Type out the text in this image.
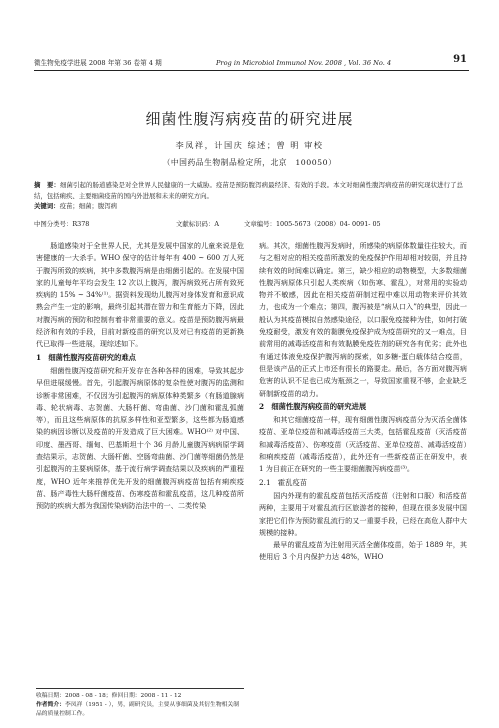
微生物免疫学进展 2008 年第 36 卷第 4 期	Prog in Microbiol Immunol Nov. 2008 , Vol. 36 No. 4	91
细菌性腹泻病疫苗的研究进展
李凤祥，计国庆 综述；曾 明 审校
（中国药品生物制品检定所，北京　100050）

摘　要：细菌引起的肠道感染是对全世界人民健康的一大威胁。疫苗是预防腹泻病最经济、有效的手段。本文对细菌性腹泻病疫苗的研究现状进行了总结，包括痢疾、主要细菌疫苗的国内外进展和未来的研究方向。

关键词：疫苗；细菌；腹泻病

中图分类号：R378	文献标识码：A	文章编号：1005-5673（2008）04- 0091- 05

肠道感染对于全世界人民，尤其是发展中国家的儿童来说是危害健康的一大杀手。WHO 保守的估计每年有 400 ~ 600 万人死于腹泻所致的疾病，其中多数腹泻病是由细菌引起的。在发展中国家的儿童每年平均会发生 12 次以上腹泻，腹泻病致死占所有致死疾病的 15% ~ 34%⁽¹⁾。据资料发现幼儿腹泻对身体发育和意识成熟会产生一定的影响，最终引起其潜在智力和生育能力下降，因此对腹泻病的预防和控制有着非常重要的意义。疫苗是预防腹泻病最经济和有效的手段，目前对新疫苗的研究以及对已有疫苗的更新换代已取得一些进展，现综述如下。

1　细菌性腹泻疫苗研究的难点

细菌性腹泻疫苗研究和开发存在各种各样的困难，导致其起步早但进展缓慢。首先，引起腹泻病原体的复杂性使对腹泻的监测和诊断非常困难，不仅因为引起腹泻的病原体种类繁多（有肠道腺病毒、轮状病毒、志贺菌、大肠杆菌、弯曲菌、沙门菌和霍乱弧菌等），而且这些病原体的抗原多样性和亚型繁多，这些都为肠道感染的病因诊断以及疫苗的开发造成了巨大困难。WHO⁽²⁾ 对中国、印度、墨西哥、缅甸、巴基斯坦十个 36 月龄儿童腹泻病病原学调查结果示，志贺菌、大肠杆菌、空肠弯曲菌、沙门菌等细菌仍然是引起腹泻的主要病原体，基于流行病学调查结果以及疾病的严重程度，WHO 近年来推荐优先开发的细菌腹泻病疫苗包括有痢疾疫苗、肠产毒性大肠杆菌疫苗、伤寒疫苗和霍乱疫苗，这几种疫苗所预防的疾病大都为我国传染病防治法中的一、二类传染

病。其次，细菌性腹泻发病时，所感染的病原体数量往往较大，而与之相对应的相关疫苗所激发的免疫保护作用却相对较弱，并且持续有效的时间难以确定。第三，缺少相应的动物模型，大多数细菌性腹泻病原体只引起人类疾病（如伤寒、霍乱），对常用的实验动物并不敏感，因此在相关疫苗研制过程中难以用动物来评价其效力，也成为一个难点；第四，腹泻被是“病从口入”的典型，因此一般认为其疫苗模拟自然感染途径，以口服免疫接种为佳，如何打破免疫耐受，激发有效的黏膜免疫保护成为疫苗研究的又一难点，目前常用的减毒活疫苗和有效黏膜免疫佐剂的研究各有优劣；此外也有通过体液免疫保护腹泻病的探索，如多糖-蛋白载体结合疫苗，但是该产品的正式上市还有很长的路要走。最后，各方面对腹泻病危害的认识不足也已成为瓶颈之一，导致国家重视不够，企业缺乏研制新疫苗的动力。

2　细菌性腹泻病疫苗的研究进展

和其它细菌疫苗一样，现有细菌性腹泻病疫苗分为灭活全菌体疫苗、亚单位疫苗和减毒活疫苗三大类，包括霍乱疫苗（灭活疫苗和减毒活疫苗）、伤寒疫苗（灭活疫苗、亚单位疫苗、减毒活疫苗）和痢疾疫苗（减毒活疫苗），此外还有一些新疫苗正在研发中，表 1 为目前正在研究的一些主要细菌腹泻病疫苗⁽³⁾。

2.1　霍乱疫苗

国内外现有的霍乱疫苗包括灭活疫苗（注射和口服）和活疫苗两种，主要用于对霍乱流行区旅游者的接种，但现在很多发展中国家把它们作为预防霍乱流行的又一重要手段，已经在高危人群中大规模的接种。

最早的霍乱疫苗为注射用灭活全菌体疫苗，始于 1889 年，其使用后 3 个月内保护力达 48%，WHO

收稿日期：2008 - 08 - 18；修回日期：2008 - 11 - 12

作者简介：李凤祥（1951 - ），男，副研究员，主要从事细菌及其衍生物相关制品的质量控制工作。
